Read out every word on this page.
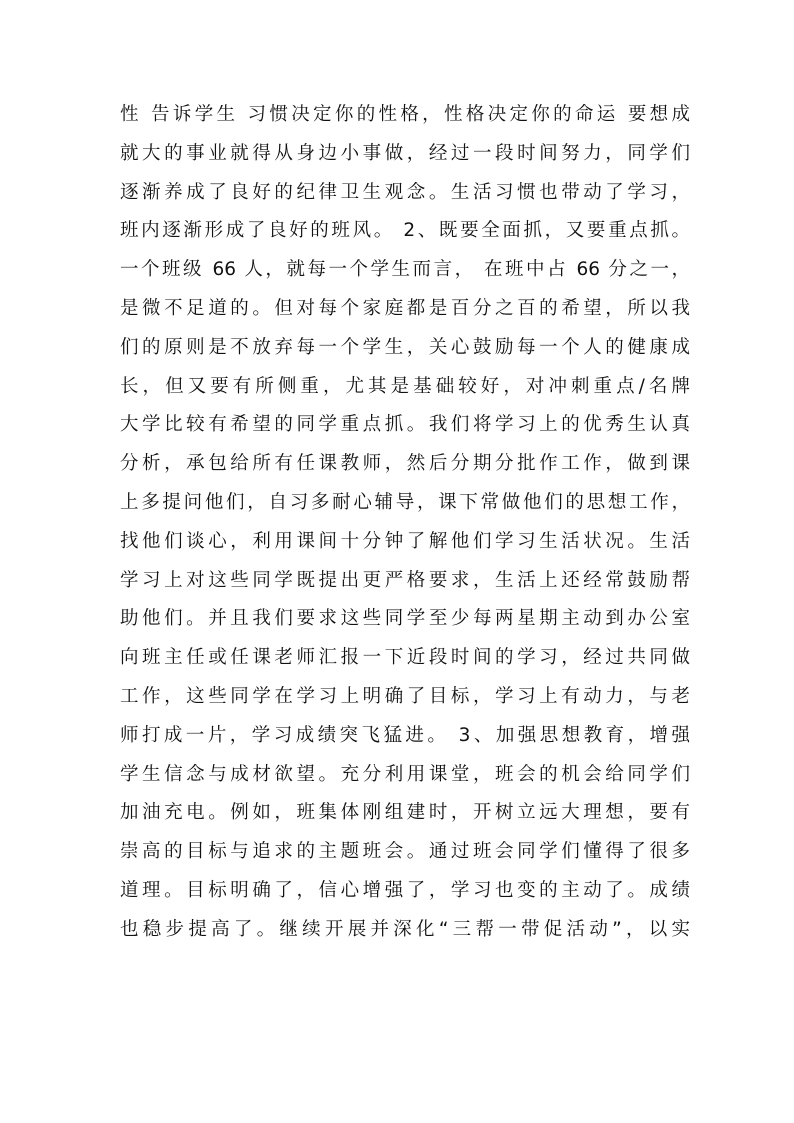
性 告诉学生 习惯决定你的性格，性格决定你的命运 要想成
就大的事业就得从身边小事做，经过一段时间努力，同学们
逐渐养成了良好的纪律卫生观念。生活习惯也带动了学习，
班内逐渐形成了良好的班风。 2、既要全面抓，又要重点抓。
一个班级 66 人，就每一个学生而言， 在班中占 66 分之一，
是微不足道的。但对每个家庭都是百分之百的希望，所以我
们的原则是不放弃每一个学生，关心鼓励每一个人的健康成
长，但又要有所侧重，尤其是基础较好，对冲刺重点/名牌
大学比较有希望的同学重点抓。我们将学习上的优秀生认真
分析，承包给所有任课教师，然后分期分批作工作，做到课
上多提问他们，自习多耐心辅导，课下常做他们的思想工作，
找他们谈心，利用课间十分钟了解他们学习生活状况。生活
学习上对这些同学既提出更严格要求，生活上还经常鼓励帮
助他们。并且我们要求这些同学至少每两星期主动到办公室
向班主任或任课老师汇报一下近段时间的学习，经过共同做
工作，这些同学在学习上明确了目标，学习上有动力，与老
师打成一片，学习成绩突飞猛进。 3、加强思想教育，增强
学生信念与成材欲望。充分利用课堂，班会的机会给同学们
加油充电。例如，班集体刚组建时，开树立远大理想，要有
崇高的目标与追求的主题班会。通过班会同学们懂得了很多
道理。目标明确了，信心增强了，学习也变的主动了。成绩
也稳步提高了。继续开展并深化“三帮一带促活动”，以实
